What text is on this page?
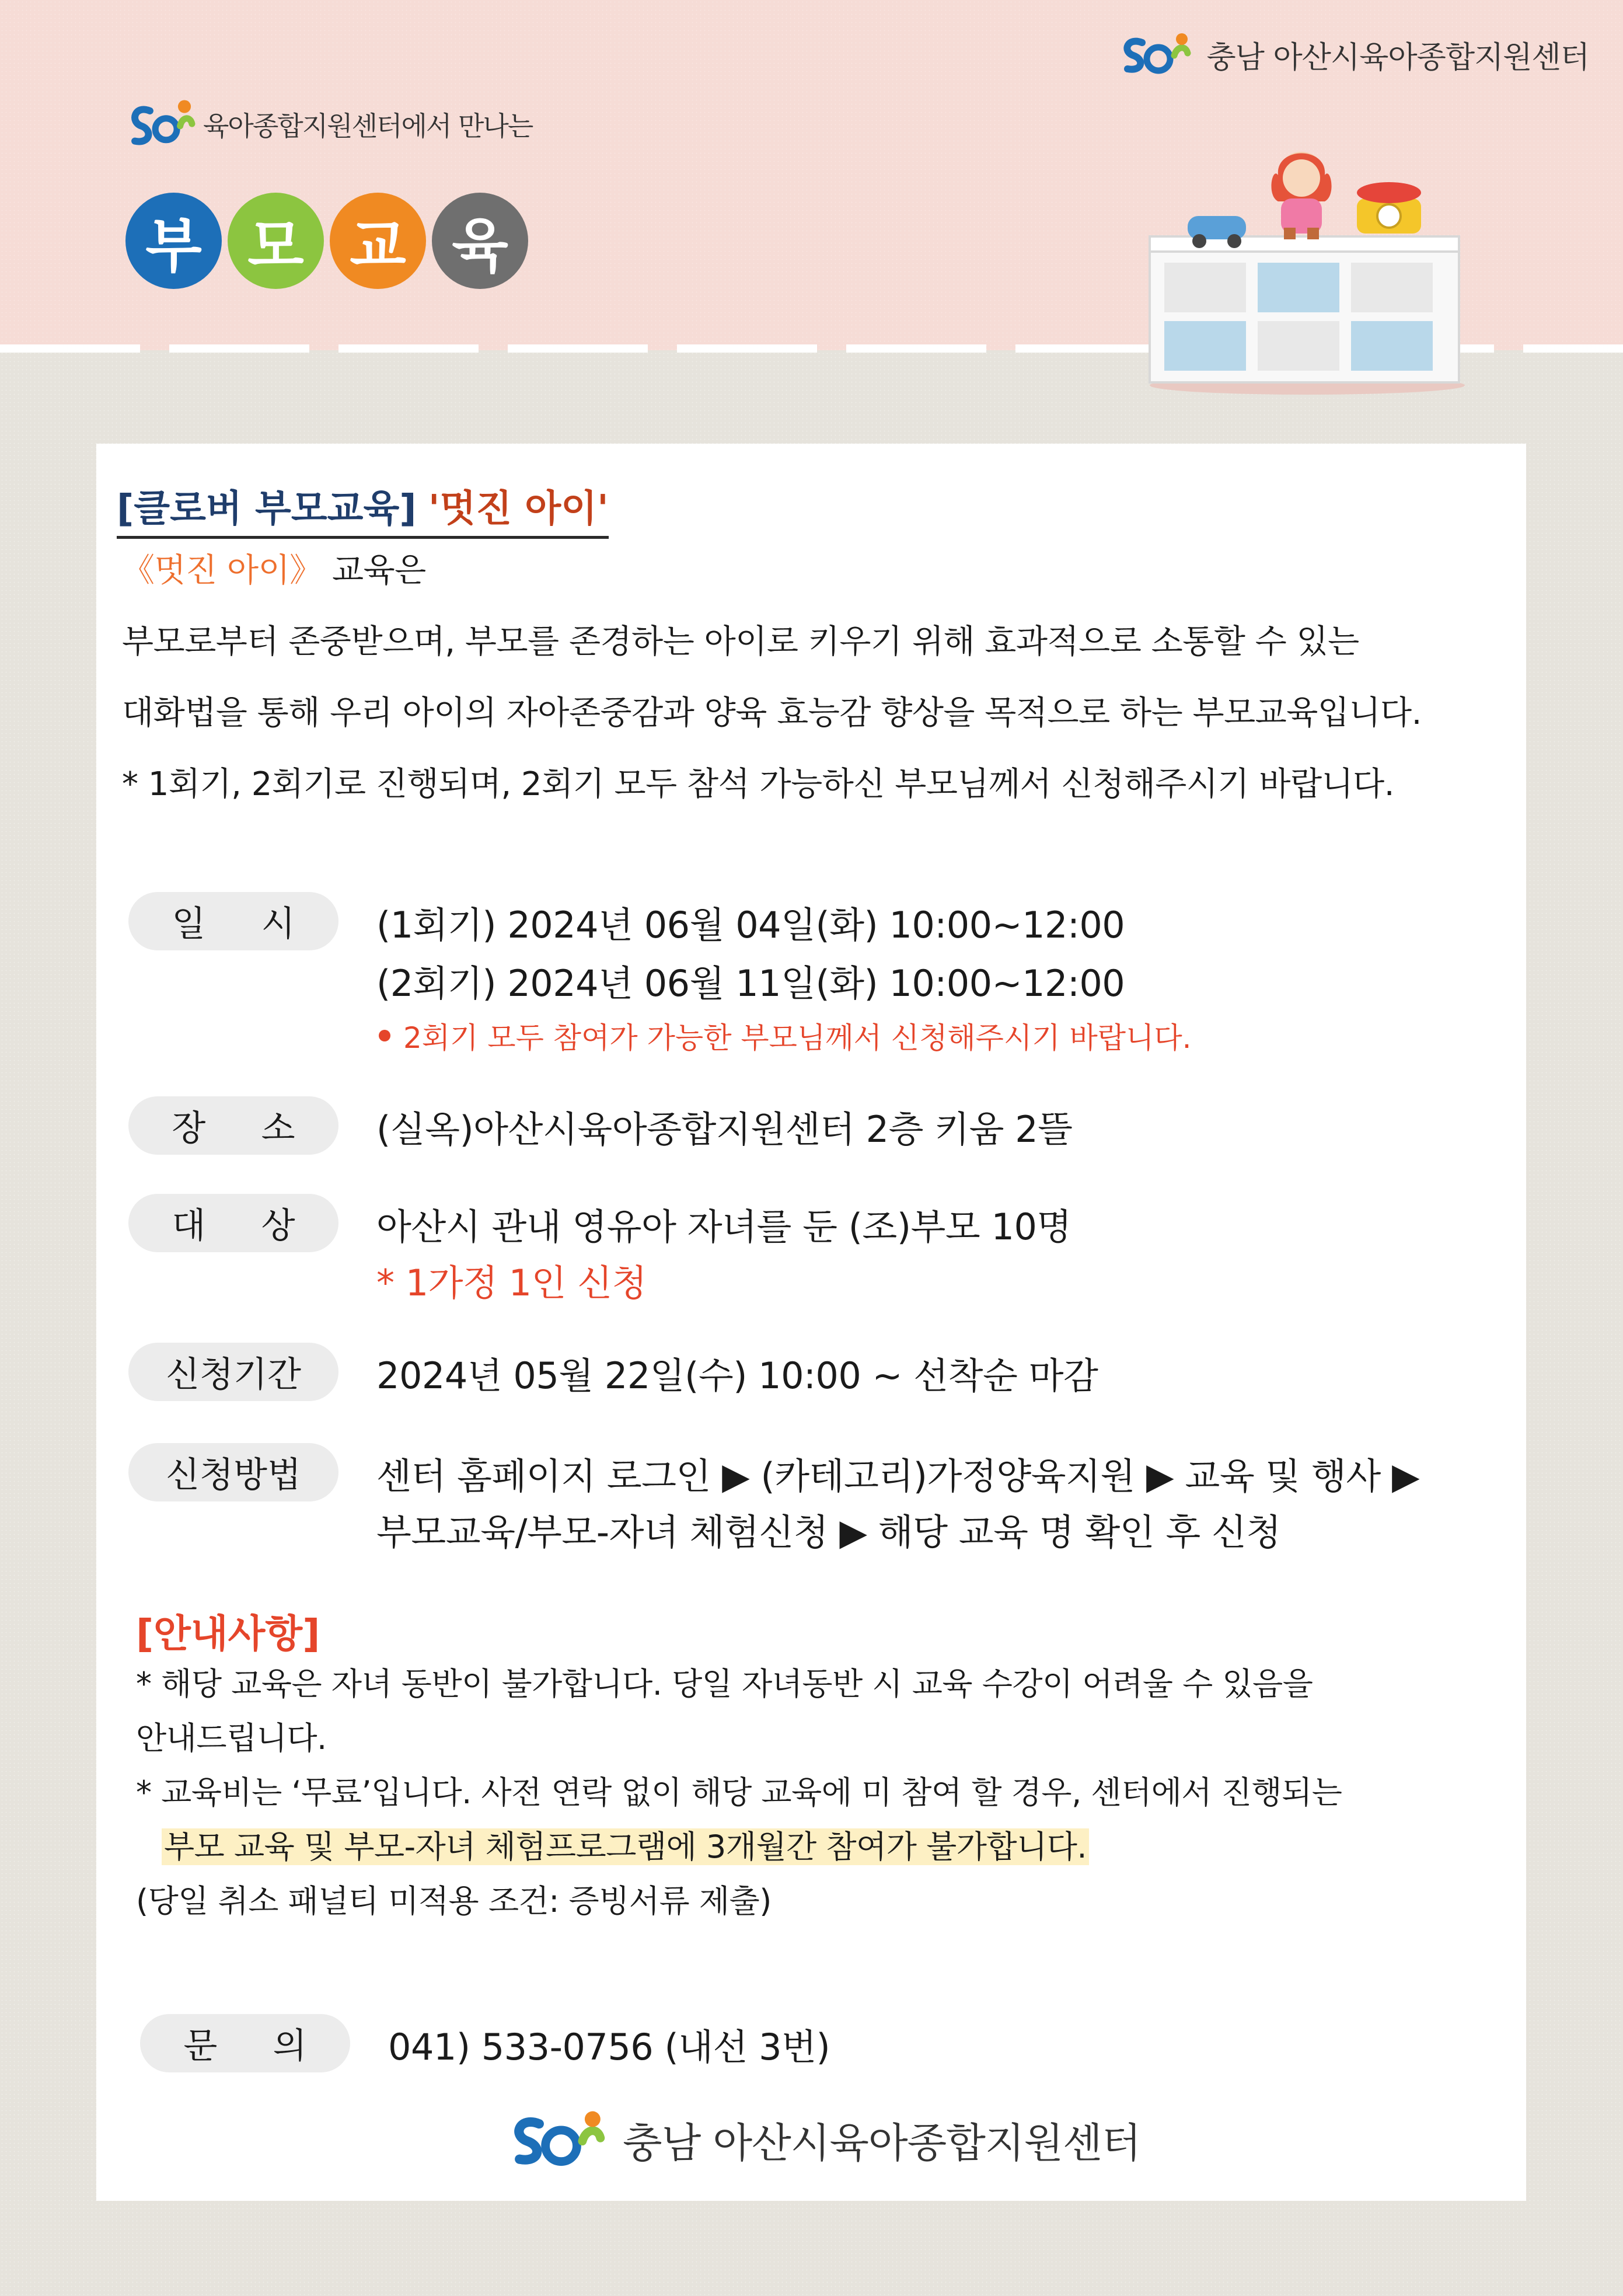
충남 아산시육아종합지원센터
육아종합지원센터에서 만나는
부 모 교 육
[클로버 부모교육] '멋진 아이'
《멋진 아이》 교육은
부모로부터 존중받으며, 부모를 존경하는 아이로 키우기 위해 효과적으로 소통할 수 있는
대화법을 통해 우리 아이의 자아존중감과 양육 효능감 향상을 목적으로 하는 부모교육입니다.
* 1회기, 2회기로 진행되며, 2회기 모두 참석 가능하신 부모님께서 신청해주시기 바랍니다.
일     시	(1회기) 2024년 06월 04일(화) 10:00~12:00
(2회기) 2024년 06월 11일(화) 10:00~12:00
2회기 모두 참여가 가능한 부모님께서 신청해주시기 바랍니다.
장     소	(실옥)아산시육아종합지원센터 2층 키움 2뜰
대     상	아산시 관내 영유아 자녀를 둔 (조)부모 10명
* 1가정 1인 신청
신청기간	2024년 05월 22일(수) 10:00 ~ 선착순 마감
신청방법	센터 홈페이지 로그인 ▶ (카테고리)가정양육지원 ▶ 교육 및 행사 ▶
부모교육/부모-자녀 체험신청 ▶ 해당 교육 명 확인 후 신청
[안내사항]
* 해당 교육은 자녀 동반이 불가합니다. 당일 자녀동반 시 교육 수강이 어려울 수 있음을
안내드립니다.
* 교육비는 ‘무료’입니다. 사전 연락 없이 해당 교육에 미 참여 할 경우, 센터에서 진행되는
부모 교육 및 부모-자녀 체험프로그램에 3개월간 참여가 불가합니다.
(당일 취소 패널티 미적용 조건: 증빙서류 제출)
문     의	041) 533-0756 (내선 3번)
충남 아산시육아종합지원센터
